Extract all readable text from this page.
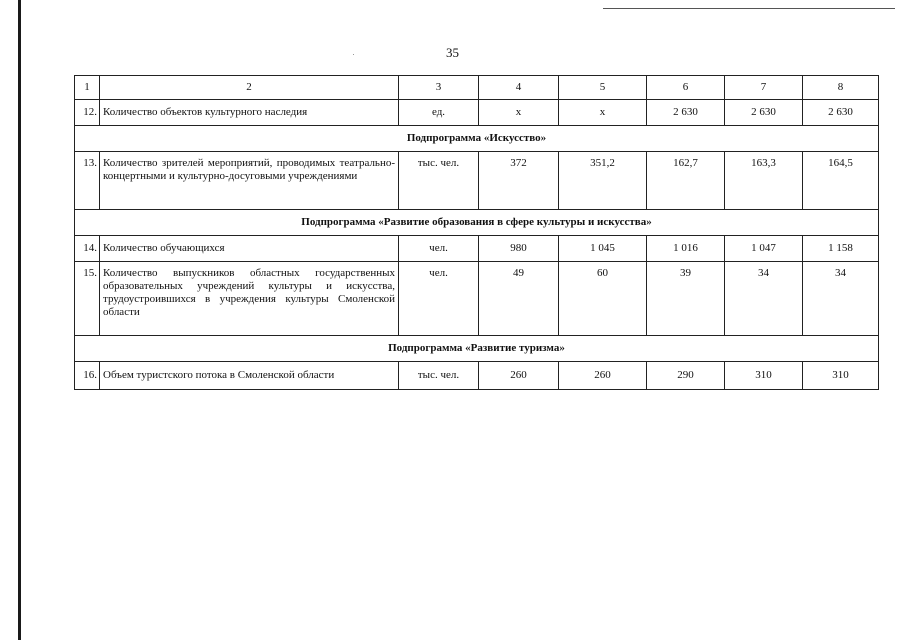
35
1	2	3	4	5	6	7	8
12.	Количество объектов культурного наследия	ед.	х	х	2 630	2 630	2 630
Подпрограмма «Искусство»							
13.	Количество зрителей мероприятий, проводимых театрально-концертными и культурно-досуговыми учреждениями	тыс. чел.	372	351,2	162,7	163,3	164,5
Подпрограмма «Развитие образования в сфере культуры и искусства»							
14.	Количество обучающихся	чел.	980	1 045	1 016	1 047	1 158
15.	Количество выпускников областных государственных образовательных учреждений культуры и искусства, трудоустроившихся в учреждения культуры Смоленской области	чел.	49	60	39	34	34
Подпрограмма «Развитие туризма»							
16.	Объем туристского потока в Смоленской области	тыс. чел.	260	260	290	310	310
